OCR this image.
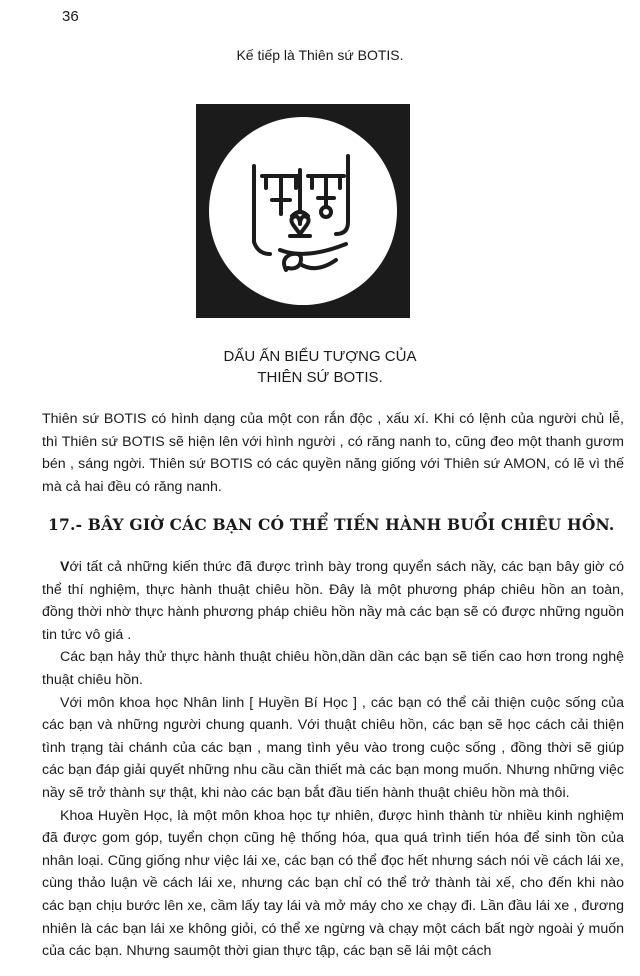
36
Kế tiếp là Thiên sứ BOTIS.
DẤU ẤN BIỂU TƯỢNG CỦA
THIÊN SỨ BOTIS.

Thiên sứ BOTIS có hình dạng của một con rắn độc , xấu xí. Khi có lệnh của người chủ lễ, thì Thiên sứ BOTIS sẽ hiện lên với hình người , có răng nanh to, cũng đeo một thanh gươm bén , sáng ngời. Thiên sứ BOTIS có các quyền năng giống với Thiên sứ AMON, có lẽ vì thế mà cả hai đều có răng nanh.

17.- BÂY GIỜ CÁC BẠN CÓ THỂ TIẾN HÀNH BUỔI CHIÊU HỒN.

Với tất cả những kiến thức đã được trình bày trong quyển sách nầy, các bạn bây giờ có thể thí nghiệm, thực hành thuật chiêu hồn. Đây là một phương pháp chiêu hồn an toàn, đồng thời nhờ thực hành phương pháp chiêu hồn nầy mà các bạn sẽ có được những nguồn tin tức vô giá .

Các bạn hảy thử thực hành thuật chiêu hồn,dần dần các bạn sẽ tiến cao hơn trong nghệ thuật chiêu hồn.

Với môn khoa học Nhân linh [ Huyền Bí Học ] , các bạn có thể cải thiện cuộc sống của các bạn và những người chung quanh. Với thuật chiêu hồn, các bạn sẽ học cách cải thiện tình trạng tài chánh của các bạn , mang tình yêu vào trong cuộc sống , đồng thời sẽ giúp các bạn đáp giải quyết những nhu cầu cần thiết mà các bạn mong muốn. Nhưng những việc nầy sẽ trở thành sự thật, khi nào các bạn bắt đầu tiến hành thuật chiêu hồn mà thôi.

Khoa Huyền Học, là một môn khoa học tự nhiên, được hình thành từ nhiều kinh nghiệm đã được gom góp, tuyển chọn cũng hệ thống hóa, qua quá trình tiến hóa để sinh tồn của nhân loại. Cũng giống như việc lái xe, các bạn có thể đọc hết nhưng sách nói về cách lái xe, cùng thảo luận về cách lái xe, nhưng các bạn chỉ có thể trở thành tài xế, cho đến khi nào các bạn chịu bước lên xe, cầm lấy tay lái và mở máy cho xe chạy đi. Lần đầu lái xe , đương nhiên là các bạn lái xe không giỏi, có thể xe ngừng và chạy một cách bất ngờ ngoài ý muốn của các bạn. Nhưng saumột thời gian thực tập, các bạn sẽ lái một cách
